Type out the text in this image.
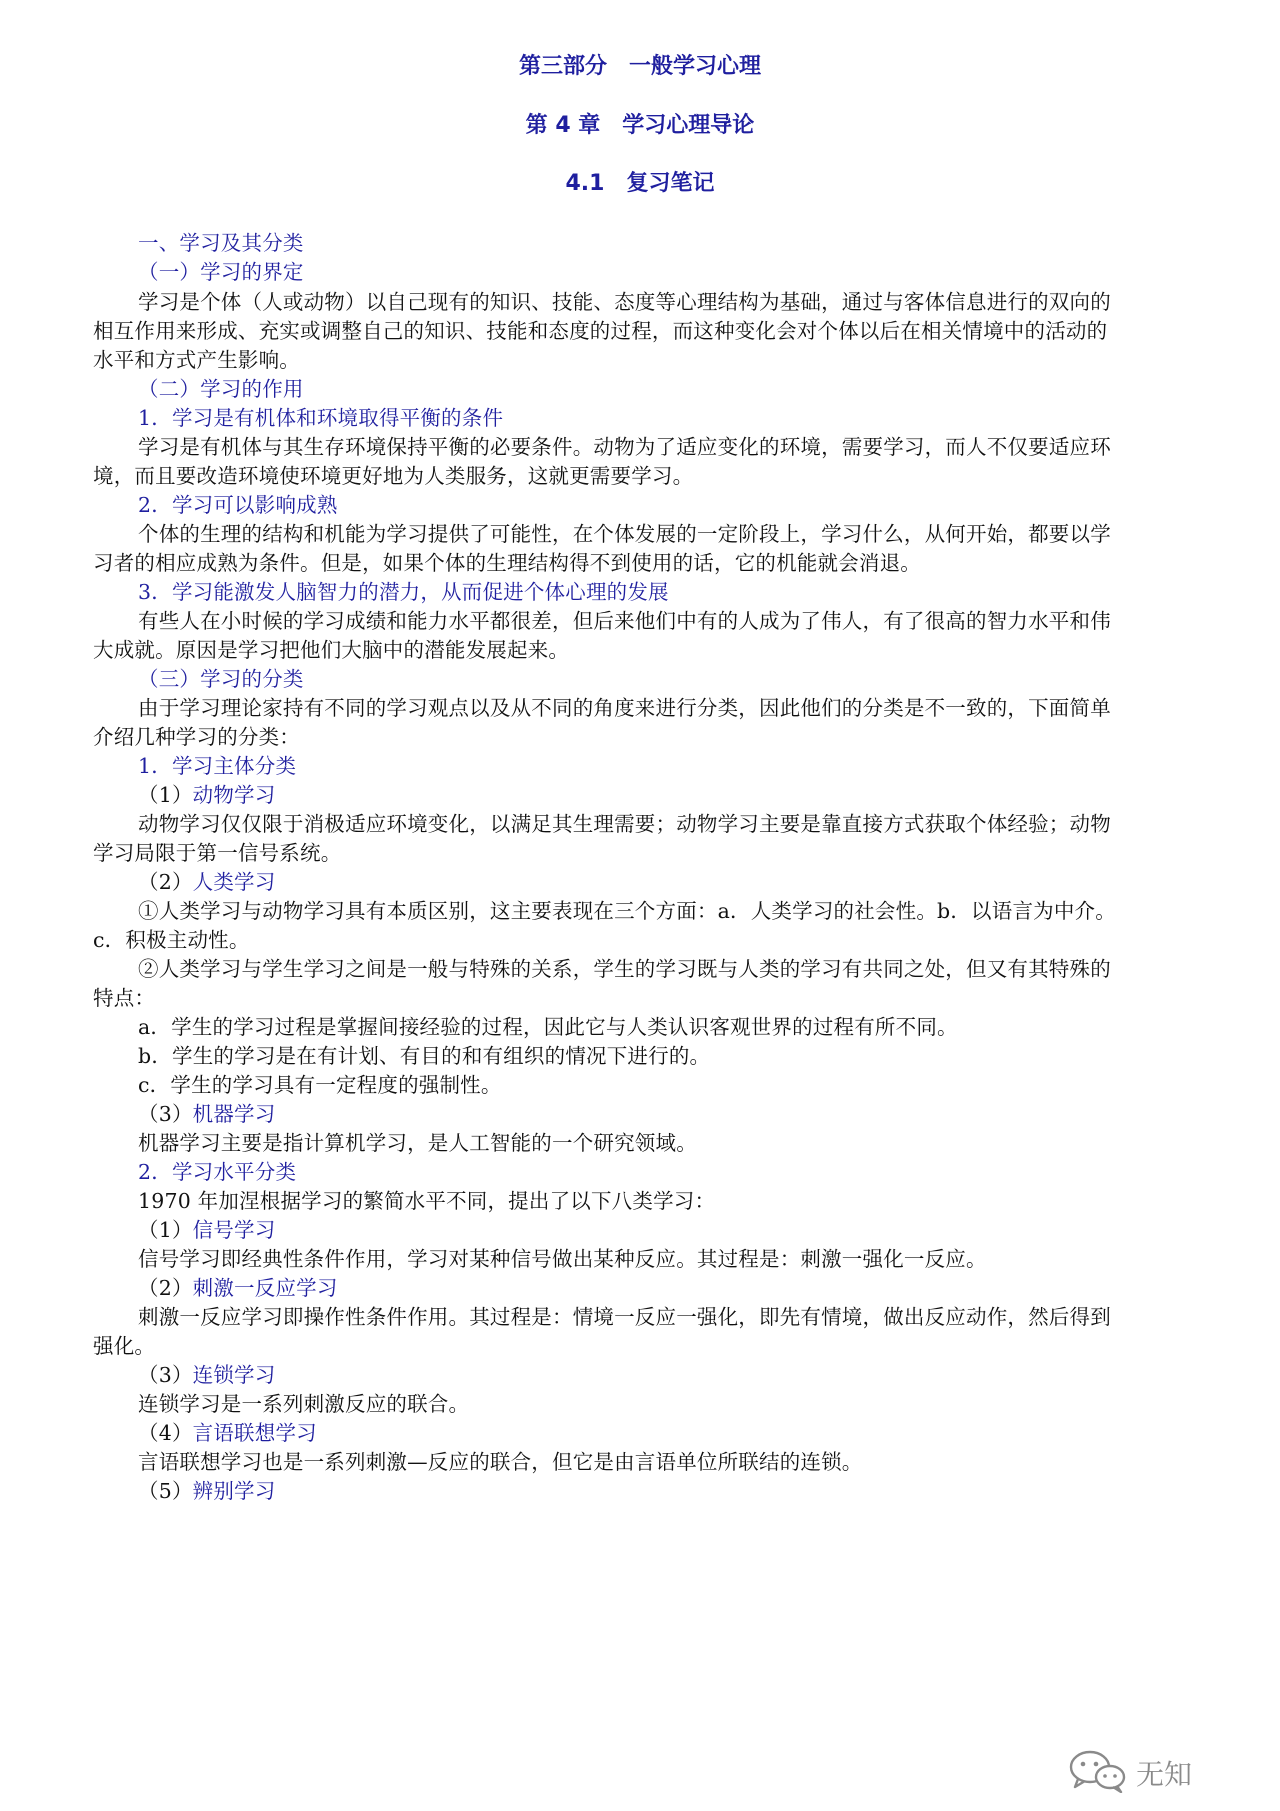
第三部分　一般学习心理
第 4 章　学习心理导论
4.1　复习笔记
一、学习及其分类
（一）学习的界定
学习是个体（人或动物）以自己现有的知识、技能、态度等心理结构为基础，通过与客体信息进行的双向的
相互作用来形成、充实或调整自己的知识、技能和态度的过程，而这种变化会对个体以后在相关情境中的活动的
水平和方式产生影响。
（二）学习的作用
1．学习是有机体和环境取得平衡的条件
学习是有机体与其生存环境保持平衡的必要条件。动物为了适应变化的环境，需要学习，而人不仅要适应环
境，而且要改造环境使环境更好地为人类服务，这就更需要学习。
2．学习可以影响成熟
个体的生理的结构和机能为学习提供了可能性，在个体发展的一定阶段上，学习什么，从何开始，都要以学
习者的相应成熟为条件。但是，如果个体的生理结构得不到使用的话，它的机能就会消退。
3．学习能激发人脑智力的潜力，从而促进个体心理的发展
有些人在小时候的学习成绩和能力水平都很差，但后来他们中有的人成为了伟人，有了很高的智力水平和伟
大成就。原因是学习把他们大脑中的潜能发展起来。
（三）学习的分类
由于学习理论家持有不同的学习观点以及从不同的角度来进行分类，因此他们的分类是不一致的，下面简单
介绍几种学习的分类：
1．学习主体分类
（1）动物学习
动物学习仅仅限于消极适应环境变化，以满足其生理需要；动物学习主要是靠直接方式获取个体经验；动物
学习局限于第一信号系统。
（2）人类学习
①人类学习与动物学习具有本质区别，这主要表现在三个方面：a．人类学习的社会性。b．以语言为中介。
c．积极主动性。
②人类学习与学生学习之间是一般与特殊的关系，学生的学习既与人类的学习有共同之处，但又有其特殊的
特点：
a．学生的学习过程是掌握间接经验的过程，因此它与人类认识客观世界的过程有所不同。
b．学生的学习是在有计划、有目的和有组织的情况下进行的。
c．学生的学习具有一定程度的强制性。
（3）机器学习
机器学习主要是指计算机学习，是人工智能的一个研究领域。
2．学习水平分类
1970 年加涅根据学习的繁简水平不同，提出了以下八类学习：
（1）信号学习
信号学习即经典性条件作用，学习对某种信号做出某种反应。其过程是：刺激一强化一反应。
（2）刺激一反应学习
刺激一反应学习即操作性条件作用。其过程是：情境一反应一强化，即先有情境，做出反应动作，然后得到
强化。
（3）连锁学习
连锁学习是一系列刺激反应的联合。
（4）言语联想学习
言语联想学习也是一系列刺激—反应的联合，但它是由言语单位所联结的连锁。
（5）辨别学习
无知
